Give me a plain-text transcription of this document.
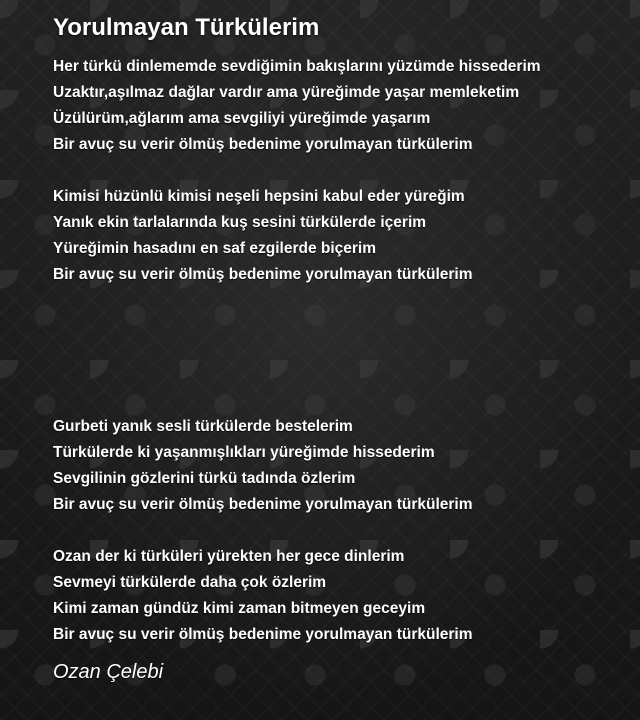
Yorulmayan Türkülerim
Her türkü dinlememde sevdiğimin bakışlarını yüzümde hissederim
Uzaktır,aşılmaz dağlar vardır ama yüreğimde yaşar memleketim
Üzülürüm,ağlarım ama sevgiliyi yüreğimde yaşarım
Bir avuç su verir ölmüş bedenime yorulmayan türkülerim
Kimisi hüzünlü kimisi neşeli hepsini kabul eder yüreğim
Yanık ekin tarlalarında kuş sesini türkülerde içerim
Yüreğimin hasadını en saf ezgilerde biçerim
Bir avuç su verir ölmüş bedenime yorulmayan türkülerim
Gurbeti yanık sesli türkülerde bestelerim
Türkülerde ki yaşanmışlıkları yüreğimde hissederim
Sevgilinin gözlerini türkü tadında özlerim
Bir avuç su verir ölmüş bedenime yorulmayan türkülerim
Ozan der ki türküleri yürekten her gece dinlerim
Sevmeyi türkülerde daha çok özlerim
Kimi zaman gündüz kimi zaman bitmeyen geceyim
Bir avuç su verir ölmüş bedenime yorulmayan türkülerim
Ozan Çelebi
